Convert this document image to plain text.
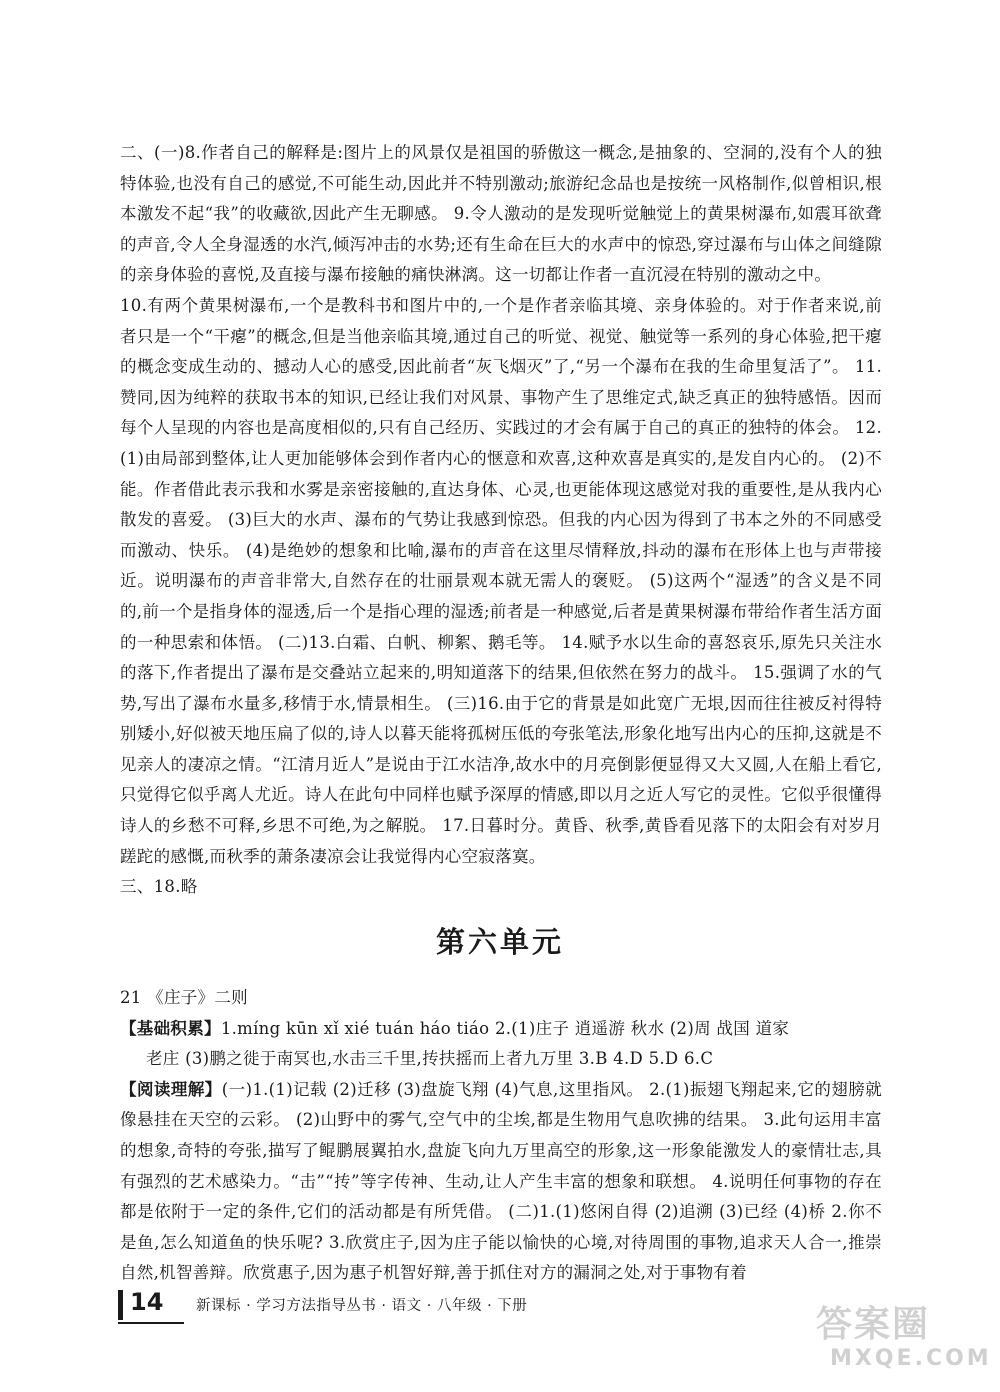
二、(一)8.作者自己的解释是:图片上的风景仅是祖国的骄傲这一概念,是抽象的、空洞的,没有个人的独特体验,也没有自己的感觉,不可能生动,因此并不特别激动;旅游纪念品也是按统一风格制作,似曾相识,根本激发不起“我”的收藏欲,因此产生无聊感。 9.令人激动的是发现听觉触觉上的黄果树瀑布,如震耳欲聋的声音,令人全身湿透的水汽,倾泻冲击的水势;还有生命在巨大的水声中的惊恐,穿过瀑布与山体之间缝隙的亲身体验的喜悦,及直接与瀑布接触的痛快淋漓。这一切都让作者一直沉浸在特别的激动之中。

10.有两个黄果树瀑布,一个是教科书和图片中的,一个是作者亲临其境、亲身体验的。对于作者来说,前者只是一个“干瘪”的概念,但是当他亲临其境,通过自己的听觉、视觉、触觉等一系列的身心体验,把干瘪的概念变成生动的、撼动人心的感受,因此前者“灰飞烟灭”了,“另一个瀑布在我的生命里复活了”。 11.赞同,因为纯粹的获取书本的知识,已经让我们对风景、事物产生了思维定式,缺乏真正的独特感悟。因而每个人呈现的内容也是高度相似的,只有自己经历、实践过的才会有属于自己的真正的独特的体会。 12.(1)由局部到整体,让人更加能够体会到作者内心的惬意和欢喜,这种欢喜是真实的,是发自内心的。 (2)不能。作者借此表示我和水雾是亲密接触的,直达身体、心灵,也更能体现这感觉对我的重要性,是从我内心散发的喜爱。 (3)巨大的水声、瀑布的气势让我感到惊恐。但我的内心因为得到了书本之外的不同感受而激动、快乐。 (4)是绝妙的想象和比喻,瀑布的声音在这里尽情释放,抖动的瀑布在形体上也与声带接近。说明瀑布的声音非常大,自然存在的壮丽景观本就无需人的褒贬。 (5)这两个“湿透”的含义是不同的,前一个是指身体的湿透,后一个是指心理的湿透;前者是一种感觉,后者是黄果树瀑布带给作者生活方面的一种思索和体悟。 (二)13.白霜、白帆、柳絮、鹅毛等。 14.赋予水以生命的喜怒哀乐,原先只关注水的落下,作者提出了瀑布是交叠站立起来的,明知道落下的结果,但依然在努力的战斗。 15.强调了水的气势,写出了瀑布水量多,移情于水,情景相生。 (三)16.由于它的背景是如此宽广无垠,因而往往被反衬得特别矮小,好似被天地压扁了似的,诗人以暮天能将孤树压低的夸张笔法,形象化地写出内心的压抑,这就是不见亲人的凄凉之情。“江清月近人”是说由于江水洁净,故水中的月亮倒影便显得又大又圆,人在船上看它,只觉得它似乎离人尤近。诗人在此句中同样也赋予深厚的情感,即以月之近人写它的灵性。它似乎很懂得诗人的乡愁不可释,乡思不可绝,为之解脱。 17.日暮时分。黄昏、秋季,黄昏看见落下的太阳会有对岁月蹉跎的感慨,而秋季的萧条凄凉会让我觉得内心空寂落寞。

三、18.略

第六单元

21 《庄子》二则

【基础积累】1.míng kūn xǐ xié tuán háo tiáo 2.(1)庄子 逍遥游 秋水 (2)周 战国 道家

老庄 (3)鹏之徙于南冥也,水击三千里,抟扶摇而上者九万里 3.B 4.D 5.D 6.C

【阅读理解】(一)1.(1)记载 (2)迁移 (3)盘旋飞翔 (4)气息,这里指风。 2.(1)振翅飞翔起来,它的翅膀就像悬挂在天空的云彩。 (2)山野中的雾气,空气中的尘埃,都是生物用气息吹拂的结果。 3.此句运用丰富的想象,奇特的夸张,描写了鲲鹏展翼拍水,盘旋飞向九万里高空的形象,这一形象能激发人的豪情壮志,具有强烈的艺术感染力。“击”“抟”等字传神、生动,让人产生丰富的想象和联想。 4.说明任何事物的存在都是依附于一定的条件,它们的活动都是有所凭借。 (二)1.(1)悠闲自得 (2)追溯 (3)已经 (4)桥 2.你不是鱼,怎么知道鱼的快乐呢? 3.欣赏庄子,因为庄子能以愉快的心境,对待周围的事物,追求天人合一,推崇自然,机智善辩。欣赏惠子,因为惠子机智好辩,善于抓住对方的漏洞之处,对于事物有着

14 新课标 · 学习方法指导丛书 · 语文 · 八年级 · 下册	答案圈
MXQE.COM
